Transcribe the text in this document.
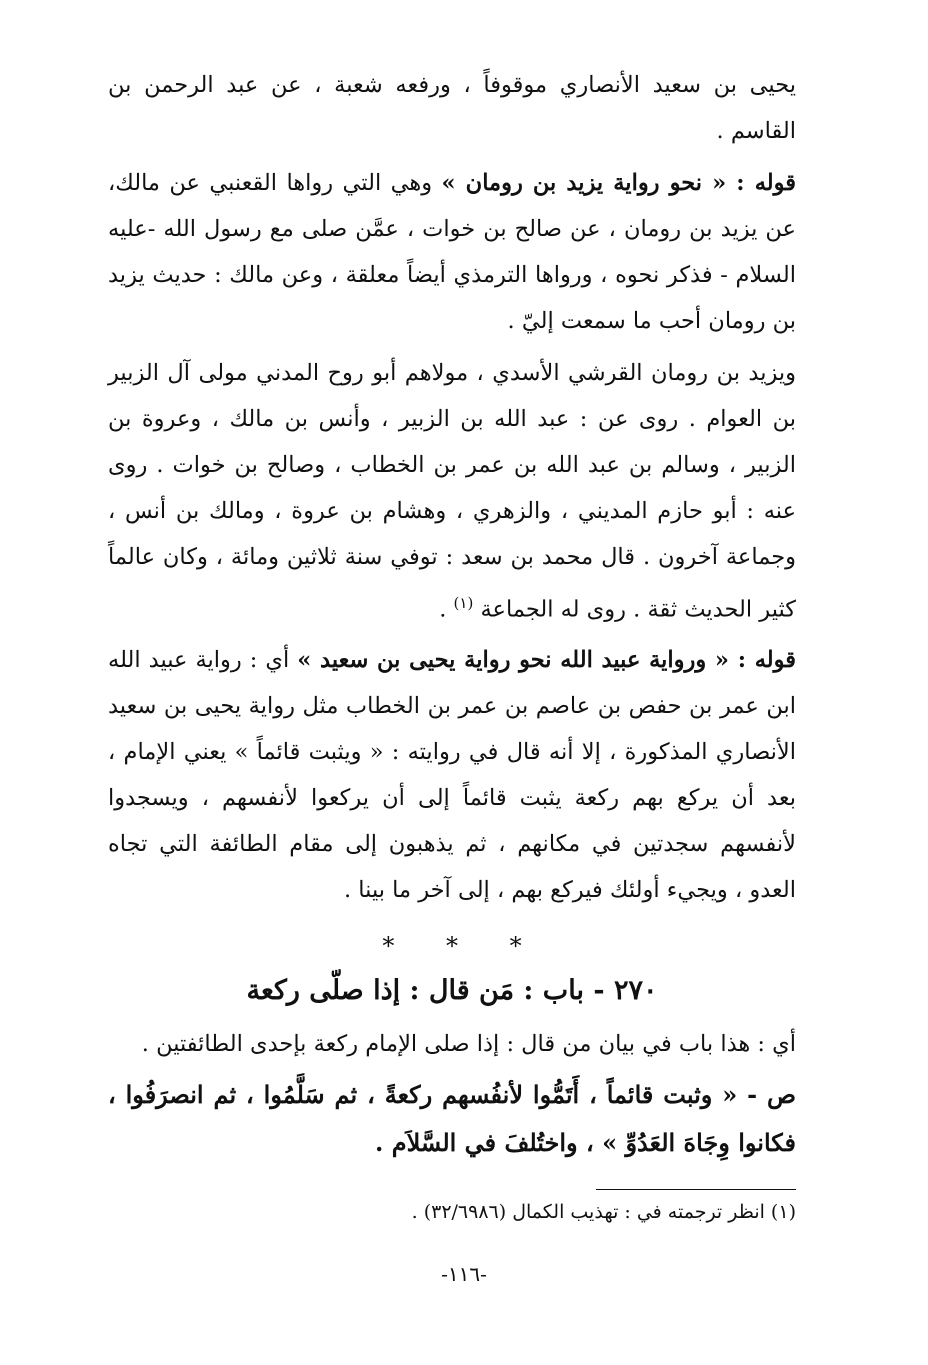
يحيى بن سعيد الأنصاري موقوفاً ، ورفعه شعبة ، عن عبد الرحمن بن القاسم .

قوله : « نحو رواية يزيد بن رومان » وهي التي رواها القعنبي عن مالك، عن يزيد بن رومان ، عن صالح بن خوات ، عمَّن صلى مع رسول الله -عليه السلام - فذكر نحوه ، ورواها الترمذي أيضاً معلقة ، وعن مالك : حديث يزيد بن رومان أحب ما سمعت إليّ .

ويزيد بن رومان القرشي الأسدي ، مولاهم أبو روح المدني مولى آل الزبير بن العوام . روى عن : عبد الله بن الزبير ، وأنس بن مالك ، وعروة بن الزبير ، وسالم بن عبد الله بن عمر بن الخطاب ، وصالح بن خوات . روى عنه : أبو حازم المديني ، والزهري ، وهشام بن عروة ، ومالك بن أنس ، وجماعة آخرون . قال محمد بن سعد : توفي سنة ثلاثين ومائة ، وكان عالماً كثير الحديث ثقة . روى له الجماعة $^{(١)}$ .

قوله : « ورواية عبيد الله نحو رواية يحيى بن سعيد » أي : رواية عبيد الله ابن عمر بن حفص بن عاصم بن عمر بن الخطاب مثل رواية يحيى بن سعيد الأنصاري المذكورة ، إلا أنه قال في روايته : « ويثبت قائماً » يعني الإمام ، بعد أن يركع بهم ركعة يثبت قائماً إلى أن يركعوا لأنفسهم ، ويسجدوا لأنفسهم سجدتين في مكانهم ، ثم يذهبون إلى مقام الطائفة التي تجاه العدو ، ويجيء أولئك فيركع بهم ، إلى آخر ما بينا .

* * *
٢٧٠ - باب : مَن قال : إذا صلّى ركعة

أي : هذا باب في بيان من قال : إذا صلى الإمام ركعة بإحدى الطائفتين .

ص - « وثبت قائماً ، أَتَمُّوا لأنفُسهم ركعةً ، ثم سَلَّمُوا ، ثم انصرَفُوا ، فكانوا وِجَاهَ العَدُوِّ » ، واختُلفَ في السَّلاَم .

(١) انظر ترجمته في : تهذيب الكمال (٣٢/٦٩٨٦) .

-١١٦-
